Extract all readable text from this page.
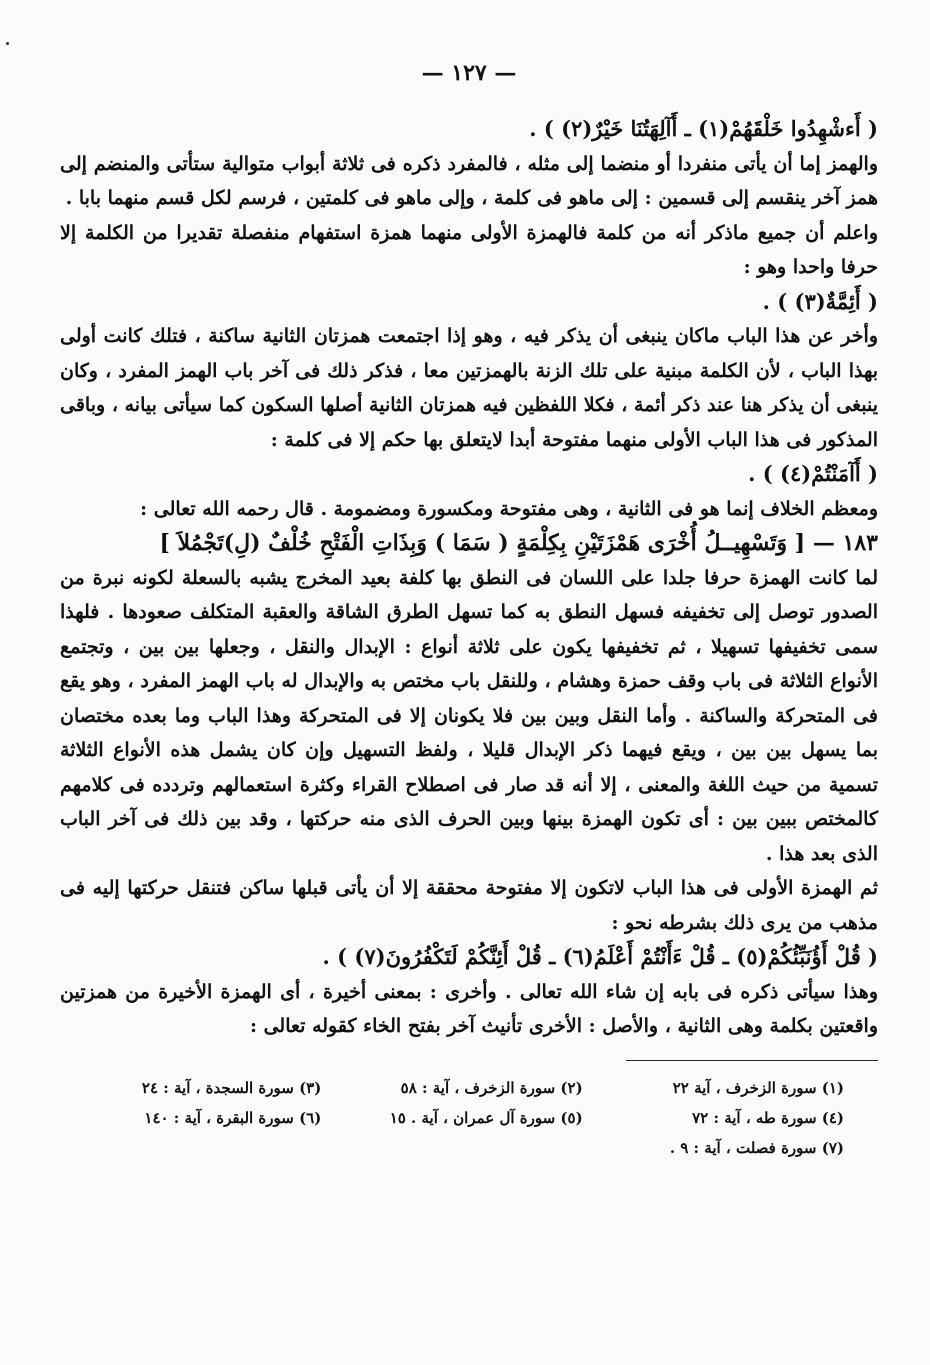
— ١٢٧ —

( أَءشْهِدُوا خَلْقَهُمْ(١) ـ أَآلِهَتُنَا خَيْرٌ(٢) ) .

والهمز إما أن يأتى منفردا أو منضما إلى مثله ، فالمفرد ذكره فى ثلاثة أبواب متوالية ستأتى والمنضم إلى همز آخر ينقسم إلى قسمين : إلى ماهو فى كلمة ، وإلى ماهو فى كلمتين ، فرسم لكل قسم منهما بابا .

واعلم أن جميع ماذكر أنه من كلمة فالهمزة الأولى منهما همزة استفهام منفصلة تقديرا من الكلمة إلا حرفا واحدا وهو :

( أَئِمَّةٌ(٣) ) .

وأخر عن هذا الباب ماكان ينبغى أن يذكر فيه ، وهو إذا اجتمعت همزتان الثانية ساكنة ، فتلك كانت أولى بهذا الباب ، لأن الكلمة مبنية على تلك الزنة بالهمزتين معا ، فذكر ذلك فى آخر باب الهمز المفرد ، وكان ينبغى أن يذكر هنا عند ذكر أئمة ، فكلا اللفظين فيه همزتان الثانية أصلها السكون كما سيأتى بيانه ، وباقى المذكور فى هذا الباب الأولى منهما مفتوحة أبدا لايتعلق بها حكم إلا فى كلمة :

( أَآمَنْتُمْ(٤) ) .

ومعظم الخلاف إنما هو فى الثانية ، وهى مفتوحة ومكسورة ومضمومة . قال رحمه الله تعالى :

١٨٣ — [ وَتَسْهِيــلُ أُخْرَى هَمْزَتَيْنِ بِكِلْمَةٍ ( سَمَا ) وَبِذَاتِ الْفَتْحِ خُلْفٌ (لِ)تَجْمُلاَ ]

لما كانت الهمزة حرفا جلدا على اللسان فى النطق بها كلفة بعيد المخرج يشبه بالسعلة لكونه نبرة من الصدور توصل إلى تخفيفه فسهل النطق به كما تسهل الطرق الشاقة والعقبة المتكلف صعودها . فلهذا سمى تخفيفها تسهيلا ، ثم تخفيفها يكون على ثلاثة أنواع : الإبدال والنقل ، وجعلها بين بين ، وتجتمع الأنواع الثلاثة فى باب وقف حمزة وهشام ، وللنقل باب مختص به والإبدال له باب الهمز المفرد ، وهو يقع فى المتحركة والساكنة . وأما النقل وبين بين فلا يكونان إلا فى المتحركة وهذا الباب وما بعده مختصان بما يسهل بين بين ، ويقع فيهما ذكر الإبدال قليلا ، ولفظ التسهيل وإن كان يشمل هذه الأنواع الثلاثة تسمية من حيث اللغة والمعنى ، إلا أنه قد صار فى اصطلاح القراء وكثرة استعمالهم وتردده فى كلامهم كالمختص ببين بين : أى تكون الهمزة بينها وبين الحرف الذى منه حركتها ، وقد بين ذلك فى آخر الباب الذى بعد هذا .

ثم الهمزة الأولى فى هذا الباب لاتكون إلا مفتوحة محققة إلا أن يأتى قبلها ساكن فتنقل حركتها إليه فى مذهب من يرى ذلك بشرطه نحو :

( قُلْ أَؤُنَبِّئُكُمْ(٥) ـ قُلْ ءَأَنْتُمْ أَعْلَمُ(٦) ـ قُلْ أَئِنَّكُمْ لَتَكْفُرُونَ(٧) ) .

وهذا سيأتى ذكره فى بابه إن شاء الله تعالى . وأخرى : بمعنى أخيرة ، أى الهمزة الأخيرة من همزتين واقعتين بكلمة وهى الثانية ، والأصل : الأخرى تأنيث آخر بفتح الخاء كقوله تعالى :

(١) سورة الزخرف ، آية ٢٢
(٢) سورة الزخرف ، آية : ٥٨
(٣) سورة السجدة ، آية : ٢٤
(٤) سورة طه ، آية : ٧٢
(٥) سورة آل عمران ، آية . ١٥
(٦) سورة البقرة ، آية : ١٤٠
(٧) سورة فصلت ، آية : ٩ .
